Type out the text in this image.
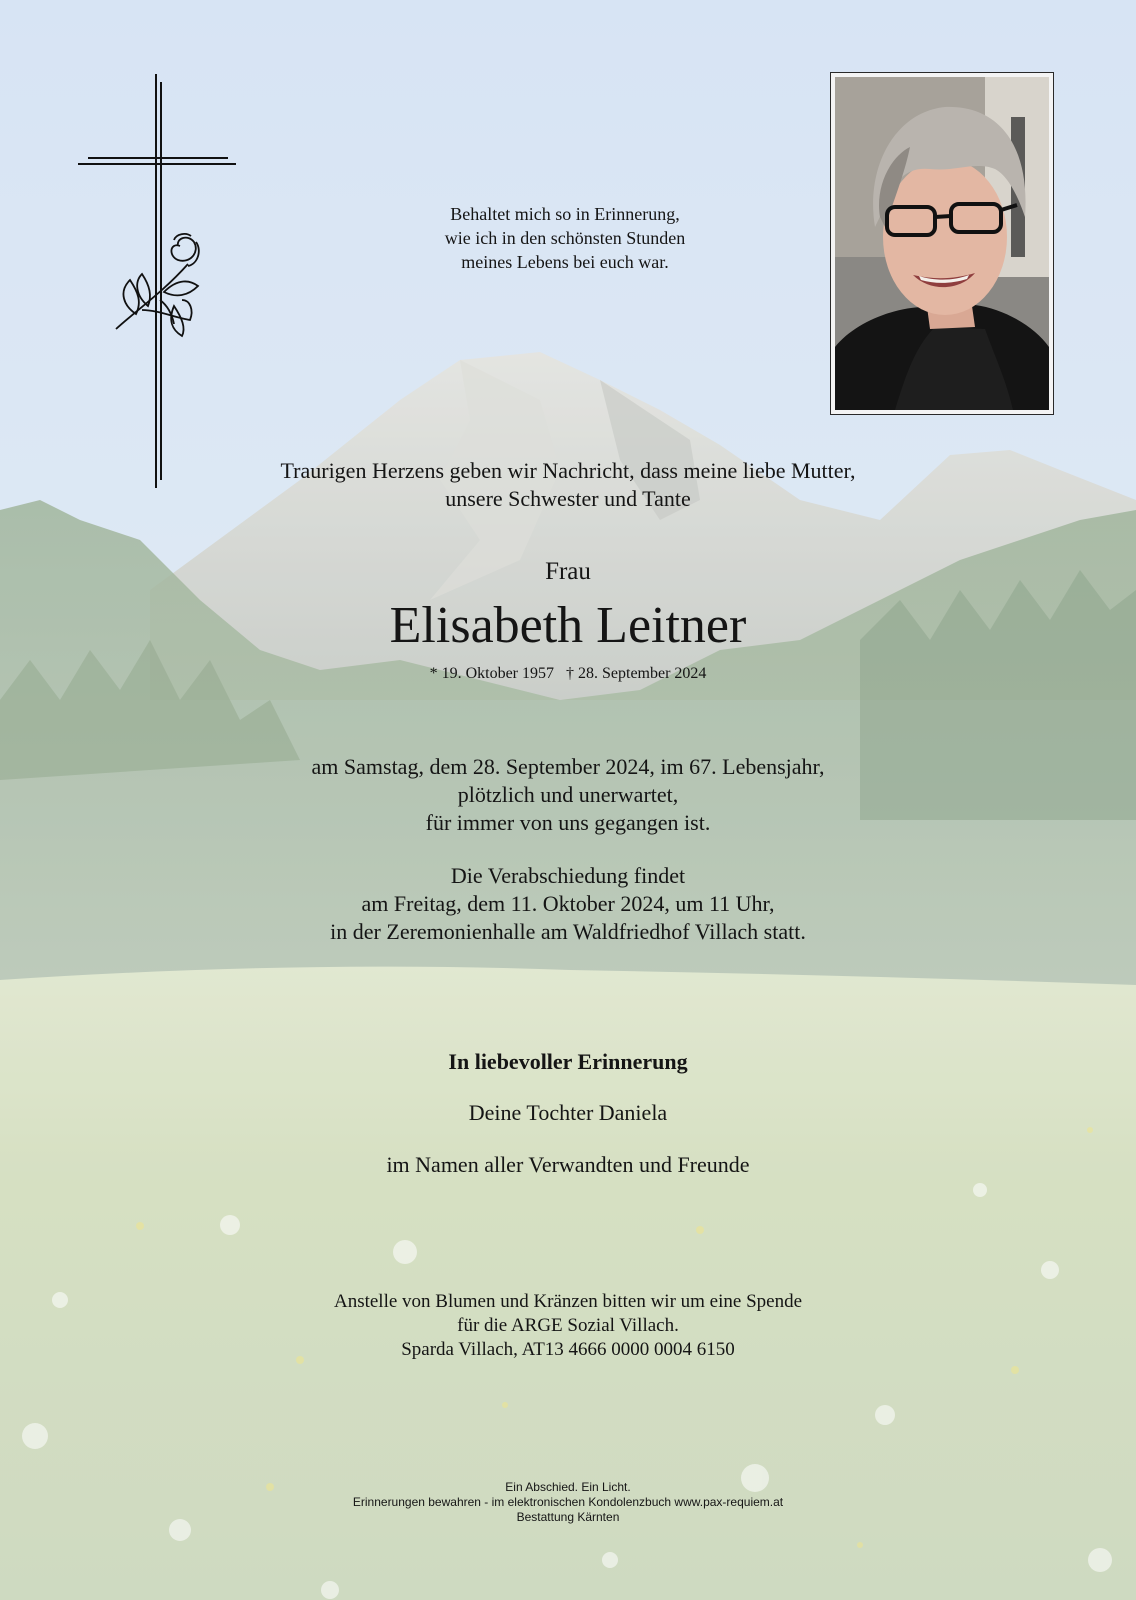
Behaltet mich so in Erinnerung,
wie ich in den schönsten Stunden
meines Lebens bei euch war.
Traurigen Herzens geben wir Nachricht, dass meine liebe Mutter,
unsere Schwester und Tante
Frau
Elisabeth Leitner
* 19. Oktober 1957 † 28. September 2024
am Samstag, dem 28. September 2024, im 67. Lebensjahr,
plötzlich und unerwartet,
für immer von uns gegangen ist.
Die Verabschiedung findet
am Freitag, dem 11. Oktober 2024, um 11 Uhr,
in der Zeremonienhalle am Waldfriedhof Villach statt.
In liebevoller Erinnerung
Deine Tochter Daniela
im Namen aller Verwandten und Freunde
Anstelle von Blumen und Kränzen bitten wir um eine Spende
für die ARGE Sozial Villach.
Sparda Villach, AT13 4666 0000 0004 6150
Ein Abschied. Ein Licht.
Erinnerungen bewahren - im elektronischen Kondolenzbuch www.pax-requiem.at
Bestattung Kärnten
